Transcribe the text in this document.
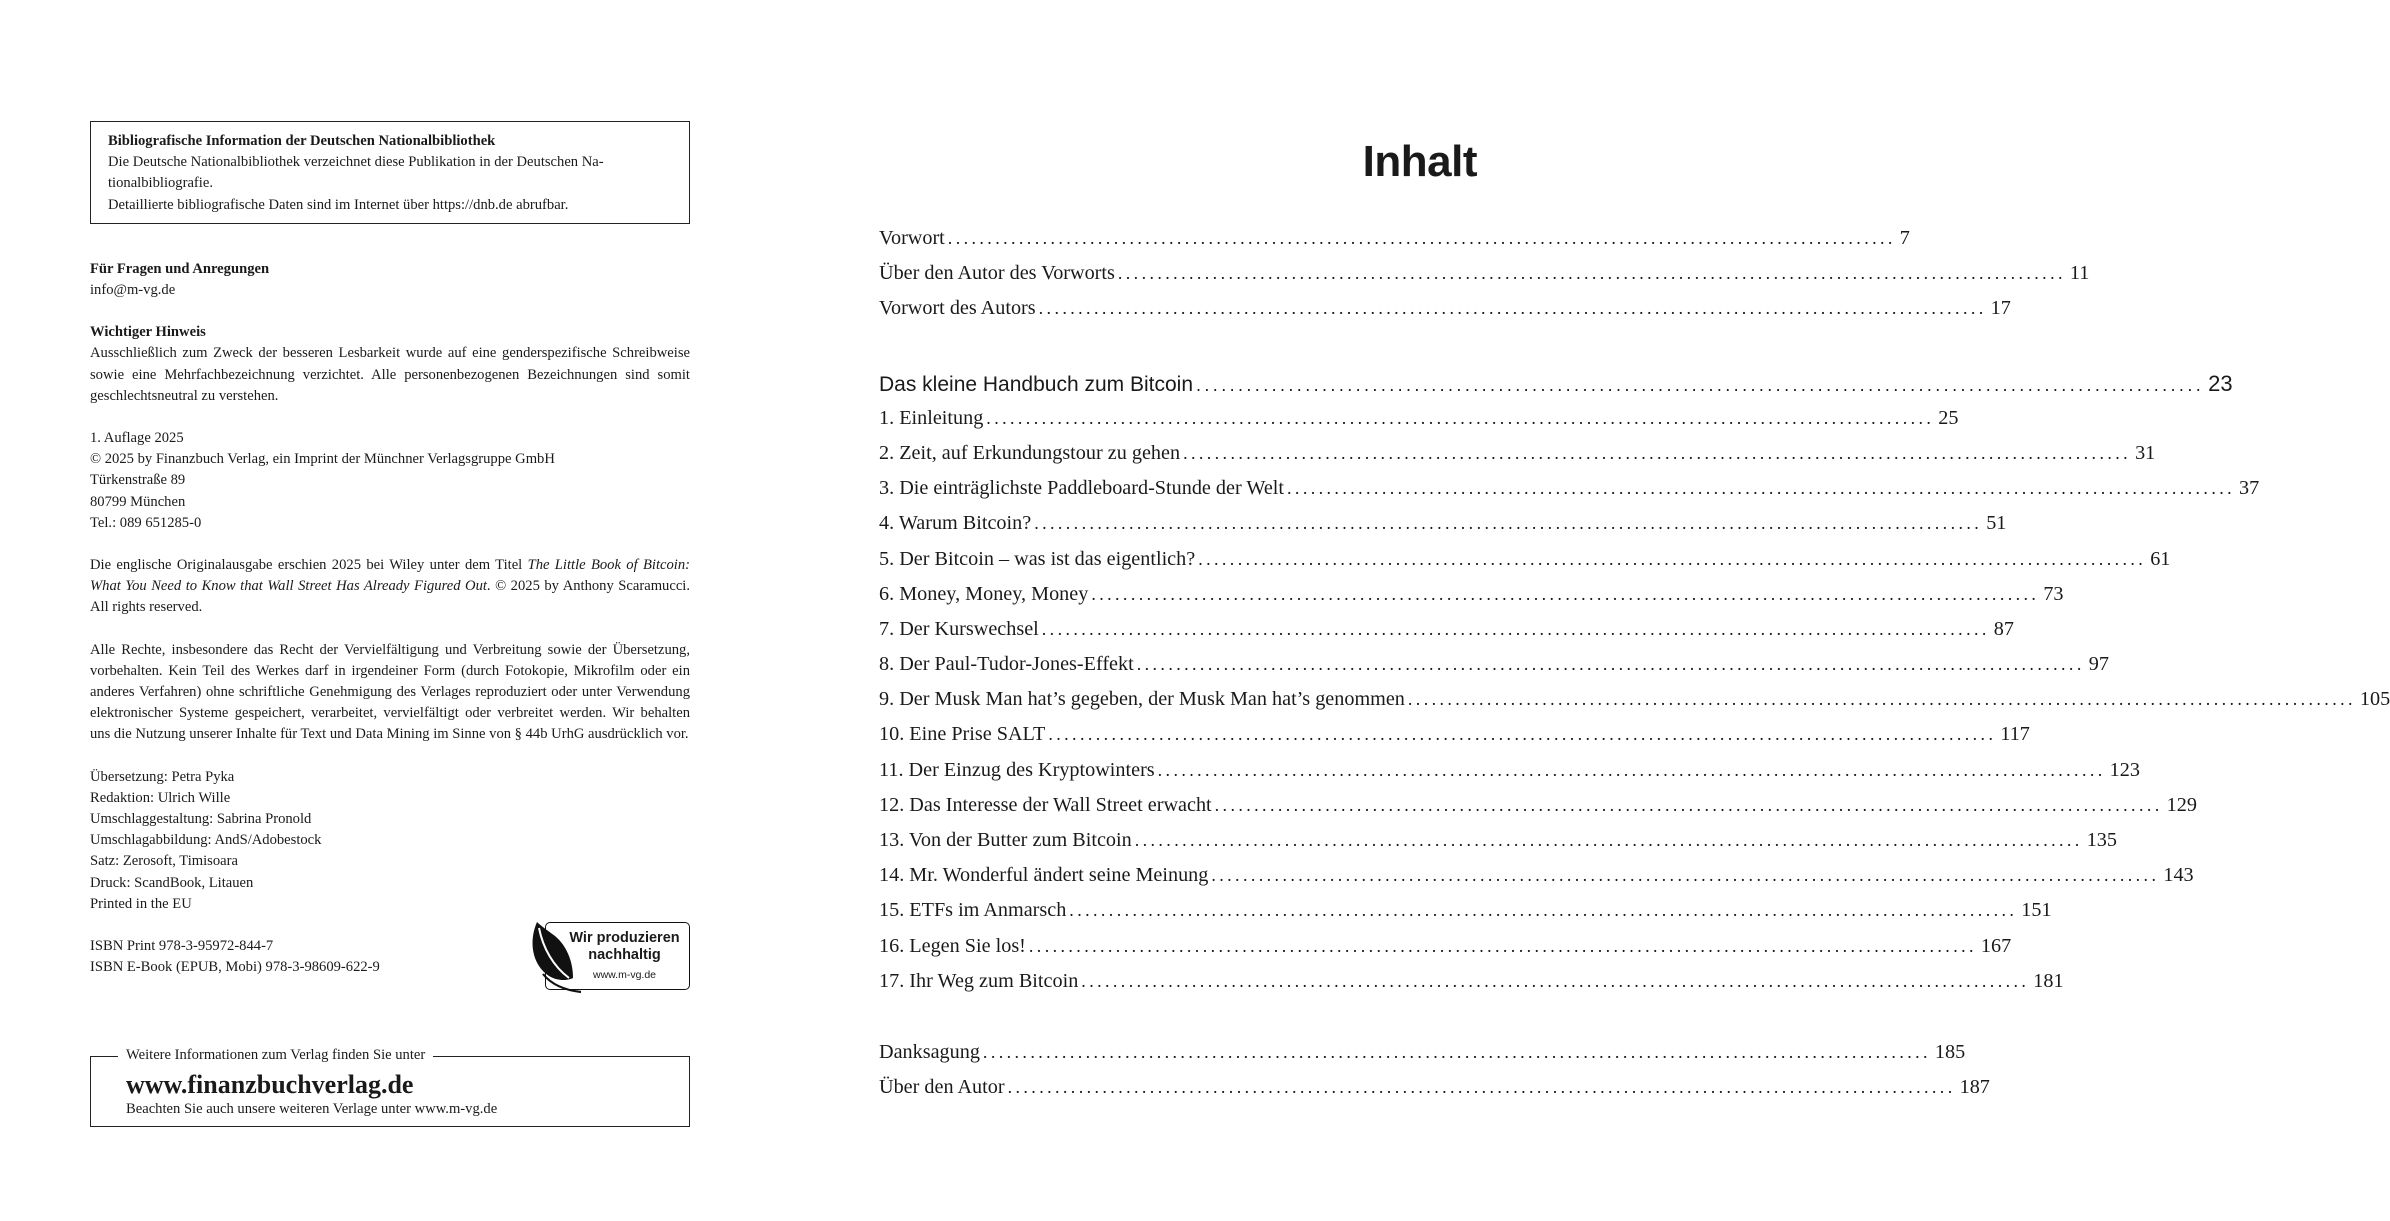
Bibliografische Information der Deutschen Nationalbibliothek

Die Deutsche Nationalbibliothek verzeichnet diese Publikation in der Deutschen Na-

tionalbibliografie.

Detaillierte bibliografische Daten sind im Internet über https://dnb.de abrufbar.

Für Fragen und Anregungen

info@m-vg.de

Wichtiger Hinweis

Ausschließlich zum Zweck der besseren Lesbarkeit wurde auf eine genderspezifische Schreibweise sowie eine Mehrfachbezeichnung verzichtet. Alle personenbezogenen Bezeichnungen sind somit geschlechtsneutral zu verstehen.

1. Auflage 2025

© 2025 by Finanzbuch Verlag, ein Imprint der Münchner Verlagsgruppe GmbH

Türkenstraße 89

80799 München

Tel.: 089 651285-0

Die englische Originalausgabe erschien 2025 bei Wiley unter dem Titel The Little Book of Bitcoin: What You Need to Know that Wall Street Has Already Figured Out. © 2025 by Anthony Scaramucci. All rights reserved.

Alle Rechte, insbesondere das Recht der Vervielfältigung und Verbreitung sowie der Übersetzung, vorbehalten. Kein Teil des Werkes darf in irgendeiner Form (durch Fotokopie, Mikrofilm oder ein anderes Verfahren) ohne schriftliche Genehmigung des Verlages reproduziert oder unter Verwendung elektronischer Systeme gespeichert, verarbeitet, vervielfältigt oder verbreitet werden. Wir behalten uns die Nutzung unserer Inhalte für Text und Data Mining im Sinne von § 44b UrhG ausdrücklich vor.

Übersetzung: Petra Pyka

Redaktion: Ulrich Wille

Umschlaggestaltung: Sabrina Pronold

Umschlagabbildung: AndS/Adobestock

Satz: Zerosoft, Timisoara

Druck: ScandBook, Litauen

Printed in the EU

ISBN Print 978-3-95972-844-7

ISBN E-Book (EPUB, Mobi) 978-3-98609-622-9

Wir produzieren
nachhaltig
www.m-vg.de
Weitere Informationen zum Verlag finden Sie unter
www.finanzbuchverlag.de
Beachten Sie auch unsere weiteren Verlage unter www.m-vg.de
Inhalt
Vorwort ........................................................................................................................ 7
Über den Autor des Vorworts ........................................................................................................................ 11
Vorwort des Autors ........................................................................................................................ 17
Das kleine Handbuch zum Bitcoin ........................................................................................................................ 23
1. Einleitung ........................................................................................................................ 25
2. Zeit, auf Erkundungstour zu gehen ........................................................................................................................ 31
3. Die einträglichste Paddleboard-Stunde der Welt ........................................................................................................................ 37
4. Warum Bitcoin? ........................................................................................................................ 51
5. Der Bitcoin – was ist das eigentlich? ........................................................................................................................ 61
6. Money, Money, Money ........................................................................................................................ 73
7. Der Kurswechsel ........................................................................................................................ 87
8. Der Paul-Tudor-Jones-Effekt ........................................................................................................................ 97
9. Der Musk Man hat’s gegeben, der Musk Man hat’s genommen ........................................................................................................................ 105
10. Eine Prise SALT ........................................................................................................................ 117
11. Der Einzug des Kryptowinters ........................................................................................................................ 123
12. Das Interesse der Wall Street erwacht ........................................................................................................................ 129
13. Von der Butter zum Bitcoin ........................................................................................................................ 135
14. Mr. Wonderful ändert seine Meinung ........................................................................................................................ 143
15. ETFs im Anmarsch ........................................................................................................................ 151
16. Legen Sie los! ........................................................................................................................ 167
17. Ihr Weg zum Bitcoin ........................................................................................................................ 181
Danksagung ........................................................................................................................ 185
Über den Autor ........................................................................................................................ 187
